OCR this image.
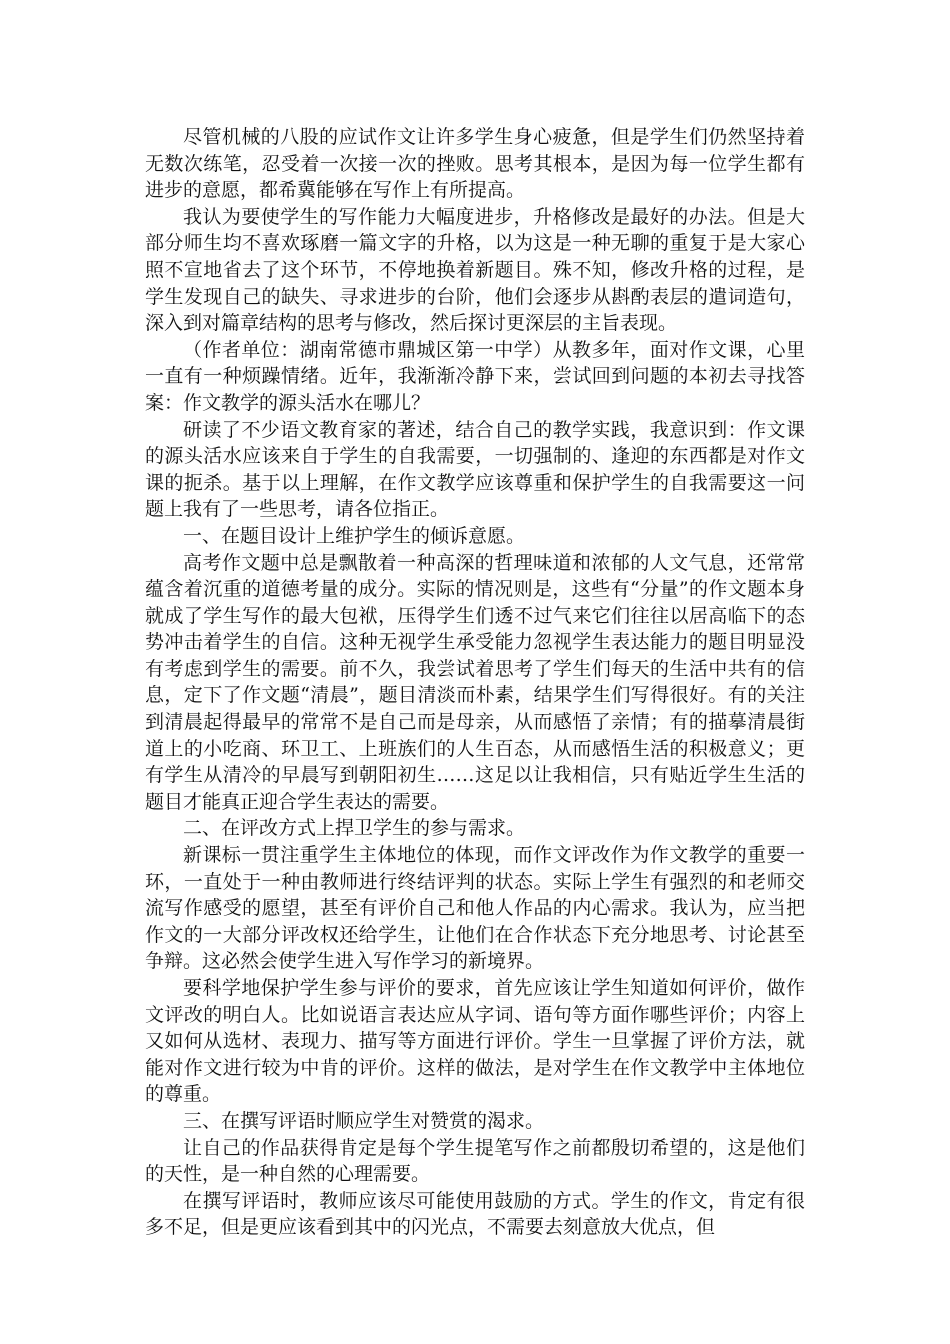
尽管机械的八股的应试作文让许多学生身心疲惫，但是学生们仍然坚持着无数次练笔，忍受着一次接一次的挫败。思考其根本，是因为每一位学生都有进步的意愿，都希冀能够在写作上有所提高。

我认为要使学生的写作能力大幅度进步，升格修改是最好的办法。但是大部分师生均不喜欢琢磨一篇文字的升格，以为这是一种无聊的重复于是大家心照不宣地省去了这个环节，不停地换着新题目。殊不知，修改升格的过程，是学生发现自己的缺失、寻求进步的台阶，他们会逐步从斟酌表层的遣词造句，深入到对篇章结构的思考与修改，然后探讨更深层的主旨表现。

（作者单位：湖南常德市鼎城区第一中学）从教多年，面对作文课，心里一直有一种烦躁情绪。近年，我渐渐冷静下来，尝试回到问题的本初去寻找答案：作文教学的源头活水在哪儿？

研读了不少语文教育家的著述，结合自己的教学实践，我意识到：作文课的源头活水应该来自于学生的自我需要，一切强制的、逢迎的东西都是对作文课的扼杀。基于以上理解，在作文教学应该尊重和保护学生的自我需要这一问题上我有了一些思考，请各位指正。

一、在题目设计上维护学生的倾诉意愿。

高考作文题中总是飘散着一种高深的哲理味道和浓郁的人文气息，还常常蕴含着沉重的道德考量的成分。实际的情况则是，这些有“分量”的作文题本身就成了学生写作的最大包袱，压得学生们透不过气来它们往往以居高临下的态势冲击着学生的自信。这种无视学生承受能力忽视学生表达能力的题目明显没有考虑到学生的需要。前不久，我尝试着思考了学生们每天的生活中共有的信息，定下了作文题“清晨”，题目清淡而朴素，结果学生们写得很好。有的关注到清晨起得最早的常常不是自己而是母亲，从而感悟了亲情；有的描摹清晨街道上的小吃商、环卫工、上班族们的人生百态，从而感悟生活的积极意义；更有学生从清冷的早晨写到朝阳初生……这足以让我相信，只有贴近学生生活的题目才能真正迎合学生表达的需要。

二、在评改方式上捍卫学生的参与需求。

新课标一贯注重学生主体地位的体现，而作文评改作为作文教学的重要一环，一直处于一种由教师进行终结评判的状态。实际上学生有强烈的和老师交流写作感受的愿望，甚至有评价自己和他人作品的内心需求。我认为，应当把作文的一大部分评改权还给学生，让他们在合作状态下充分地思考、讨论甚至争辩。这必然会使学生进入写作学习的新境界。

要科学地保护学生参与评价的要求，首先应该让学生知道如何评价，做作文评改的明白人。比如说语言表达应从字词、语句等方面作哪些评价；内容上又如何从选材、表现力、描写等方面进行评价。学生一旦掌握了评价方法，就能对作文进行较为中肯的评价。这样的做法，是对学生在作文教学中主体地位的尊重。

三、在撰写评语时顺应学生对赞赏的渴求。

让自己的作品获得肯定是每个学生提笔写作之前都殷切希望的，这是他们的天性，是一种自然的心理需要。

在撰写评语时，教师应该尽可能使用鼓励的方式。学生的作文，肯定有很多不足，但是更应该看到其中的闪光点，不需要去刻意放大优点，但
